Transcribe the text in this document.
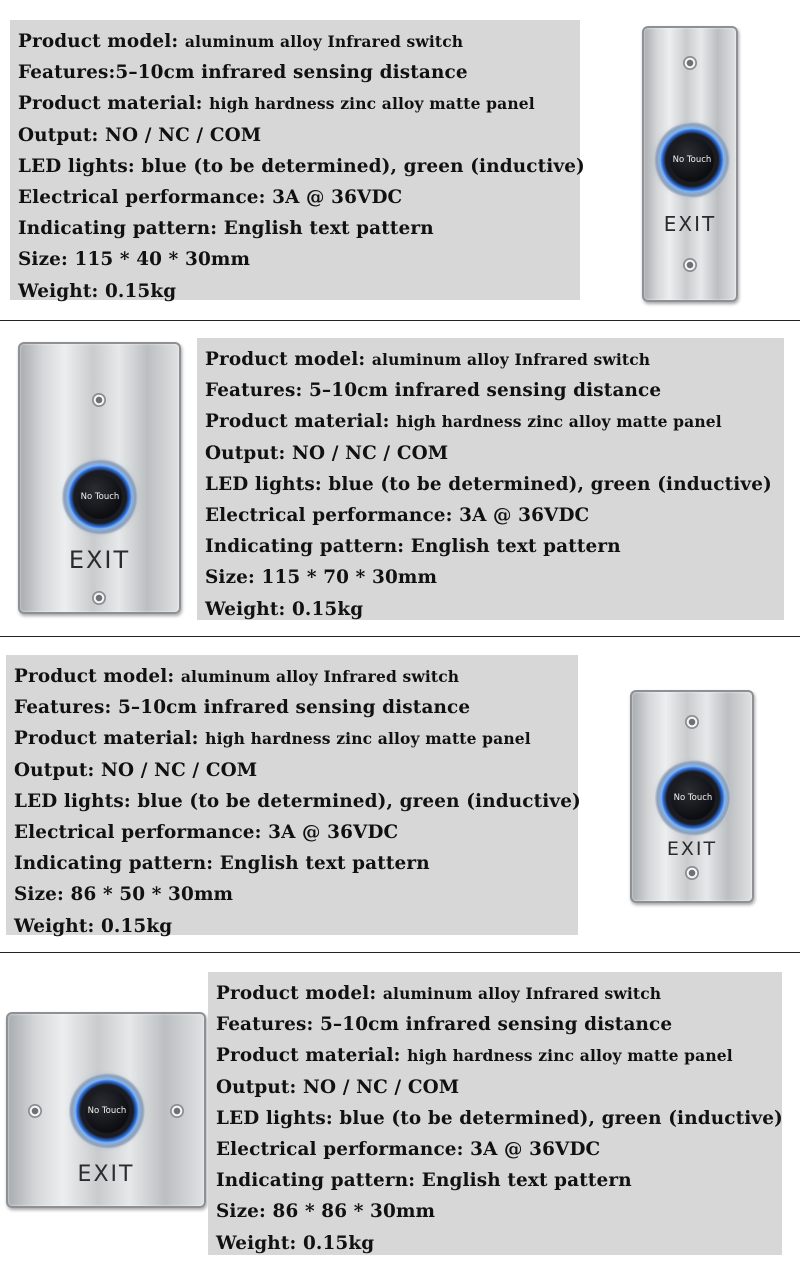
Product model: aluminum alloy Infrared switch
Features:5–10cm infrared sensing distance
Product material: high hardness zinc alloy matte panel
Output: NO / NC / COM
LED lights: blue (to be determined), green (inductive)
Electrical performance: 3A @ 36VDC
Indicating pattern: English text pattern
Size: 115 * 40 * 30mm
Weight: 0.15kg
No Touch
EXIT
No Touch
EXIT
Product model: aluminum alloy Infrared switch
Features: 5–10cm infrared sensing distance
Product material: high hardness zinc alloy matte panel
Output: NO / NC / COM
LED lights: blue (to be determined), green (inductive)
Electrical performance: 3A @ 36VDC
Indicating pattern: English text pattern
Size: 115 * 70 * 30mm
Weight: 0.15kg
Product model: aluminum alloy Infrared switch
Features: 5–10cm infrared sensing distance
Product material: high hardness zinc alloy matte panel
Output: NO / NC / COM
LED lights: blue (to be determined), green (inductive)
Electrical performance: 3A @ 36VDC
Indicating pattern: English text pattern
Size: 86 * 50 * 30mm
Weight: 0.15kg
No Touch
EXIT
No Touch
EXIT
Product model: aluminum alloy Infrared switch
Features: 5–10cm infrared sensing distance
Product material: high hardness zinc alloy matte panel
Output: NO / NC / COM
LED lights: blue (to be determined), green (inductive)
Electrical performance: 3A @ 36VDC
Indicating pattern: English text pattern
Size: 86 * 86 * 30mm
Weight: 0.15kg
